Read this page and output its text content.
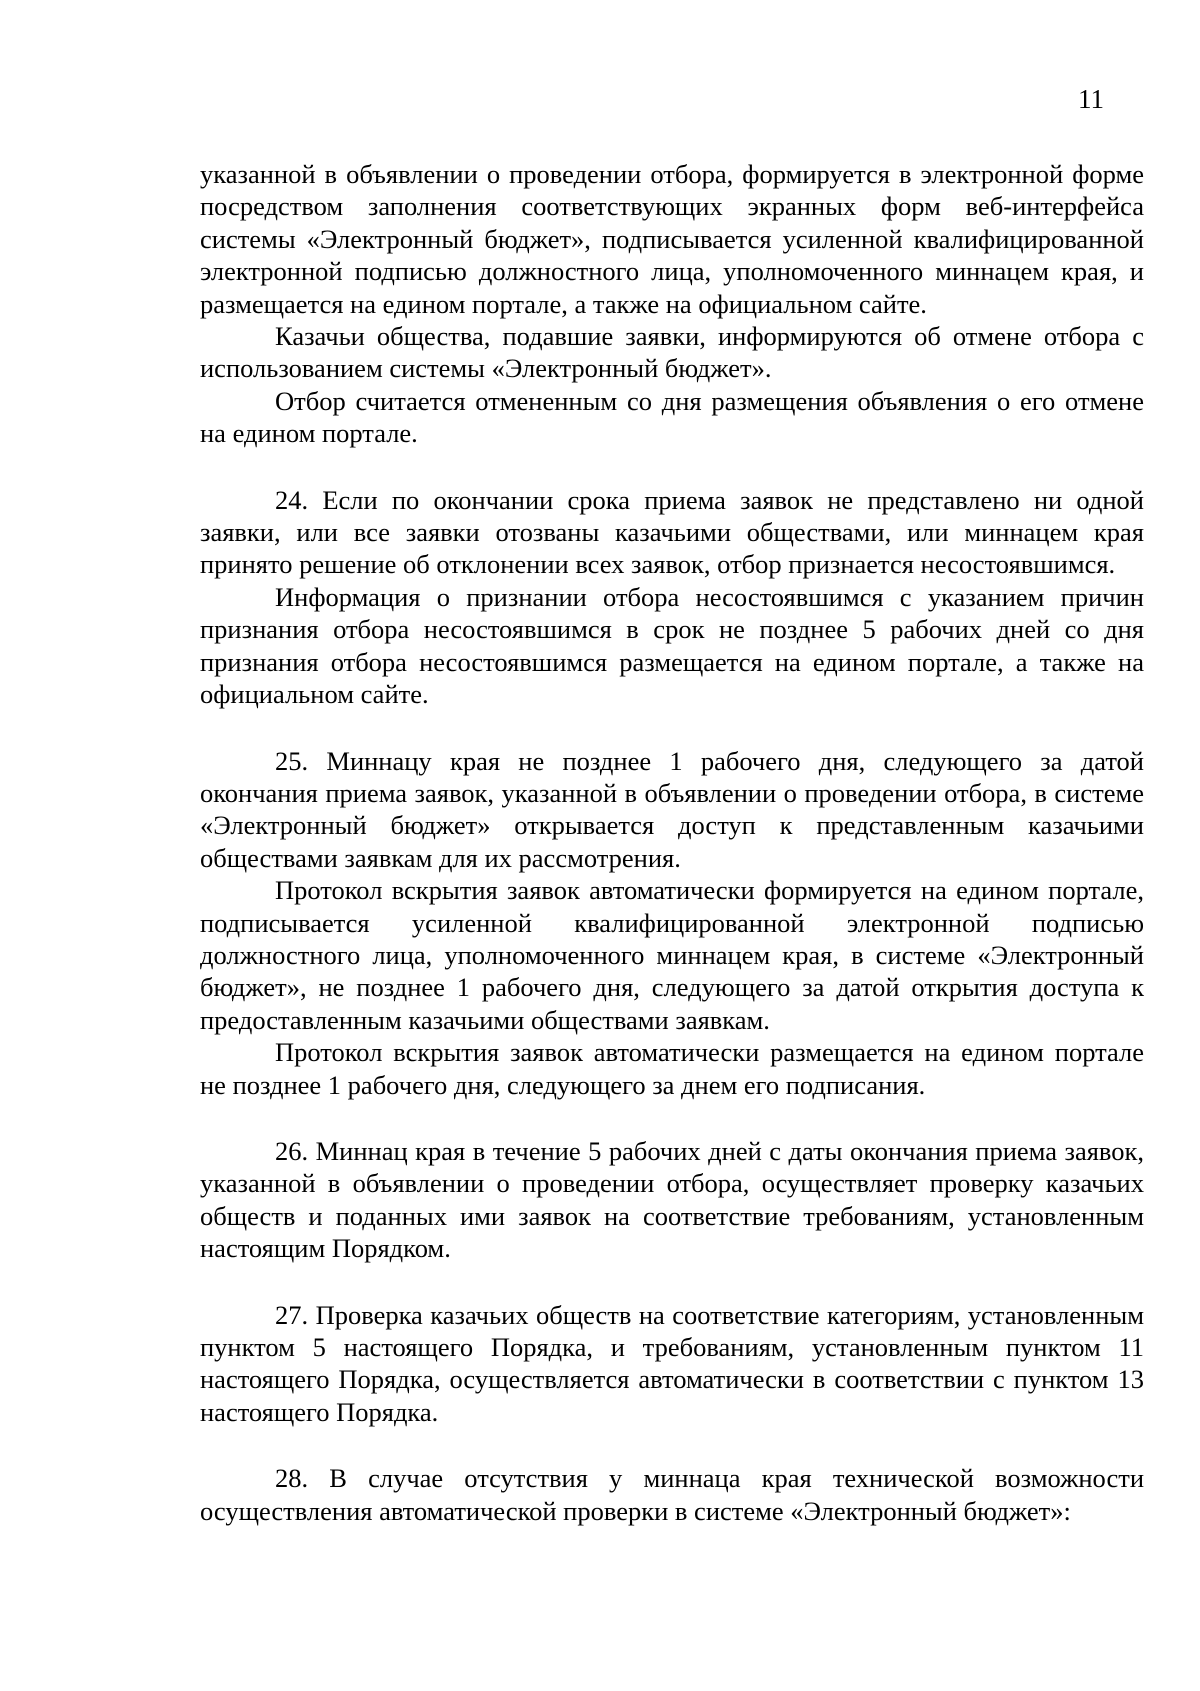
11

указанной в объявлении о проведении отбора, формируется в электронной форме посредством заполнения соответствующих экранных форм веб-интерфейса системы «Электронный бюджет», подписывается усиленной квалифицированной электронной подписью должностного лица, уполномоченного миннацем края, и размещается на едином портале, а также на официальном сайте.

Казачьи общества, подавшие заявки, информируются об отмене отбора с использованием системы «Электронный бюджет».

Отбор считается отмененным со дня размещения объявления о его отмене на едином портале.

24. Если по окончании срока приема заявок не представлено ни одной заявки, или все заявки отозваны казачьими обществами, или миннацем края принято решение об отклонении всех заявок, отбор признается несостоявшимся.

Информация о признании отбора несостоявшимся с указанием причин признания отбора несостоявшимся в срок не позднее 5 рабочих дней со дня признания отбора несостоявшимся размещается на едином портале, а также на официальном сайте.

25. Миннацу края не позднее 1 рабочего дня, следующего за датой окончания приема заявок, указанной в объявлении о проведении отбора, в системе «Электронный бюджет» открывается доступ к представленным казачьими обществами заявкам для их рассмотрения.

Протокол вскрытия заявок автоматически формируется на едином портале, подписывается усиленной квалифицированной электронной подписью должностного лица, уполномоченного миннацем края, в системе «Электронный бюджет», не позднее 1 рабочего дня, следующего за датой открытия доступа к предоставленным казачьими обществами заявкам.

Протокол вскрытия заявок автоматически размещается на едином портале не позднее 1 рабочего дня, следующего за днем его подписания.

26. Миннац края в течение 5 рабочих дней с даты окончания приема заявок, указанной в объявлении о проведении отбора, осуществляет проверку казачьих обществ и поданных ими заявок на соответствие требованиям, установленным настоящим Порядком.

27. Проверка казачьих обществ на соответствие категориям, установленным пунктом 5 настоящего Порядка, и требованиям, установленным пунктом 11 настоящего Порядка, осуществляется автоматически в соответствии с пунктом 13 настоящего Порядка.

28. В случае отсутствия у миннаца края технической возможности осуществления автоматической проверки в системе «Электронный бюджет»:
